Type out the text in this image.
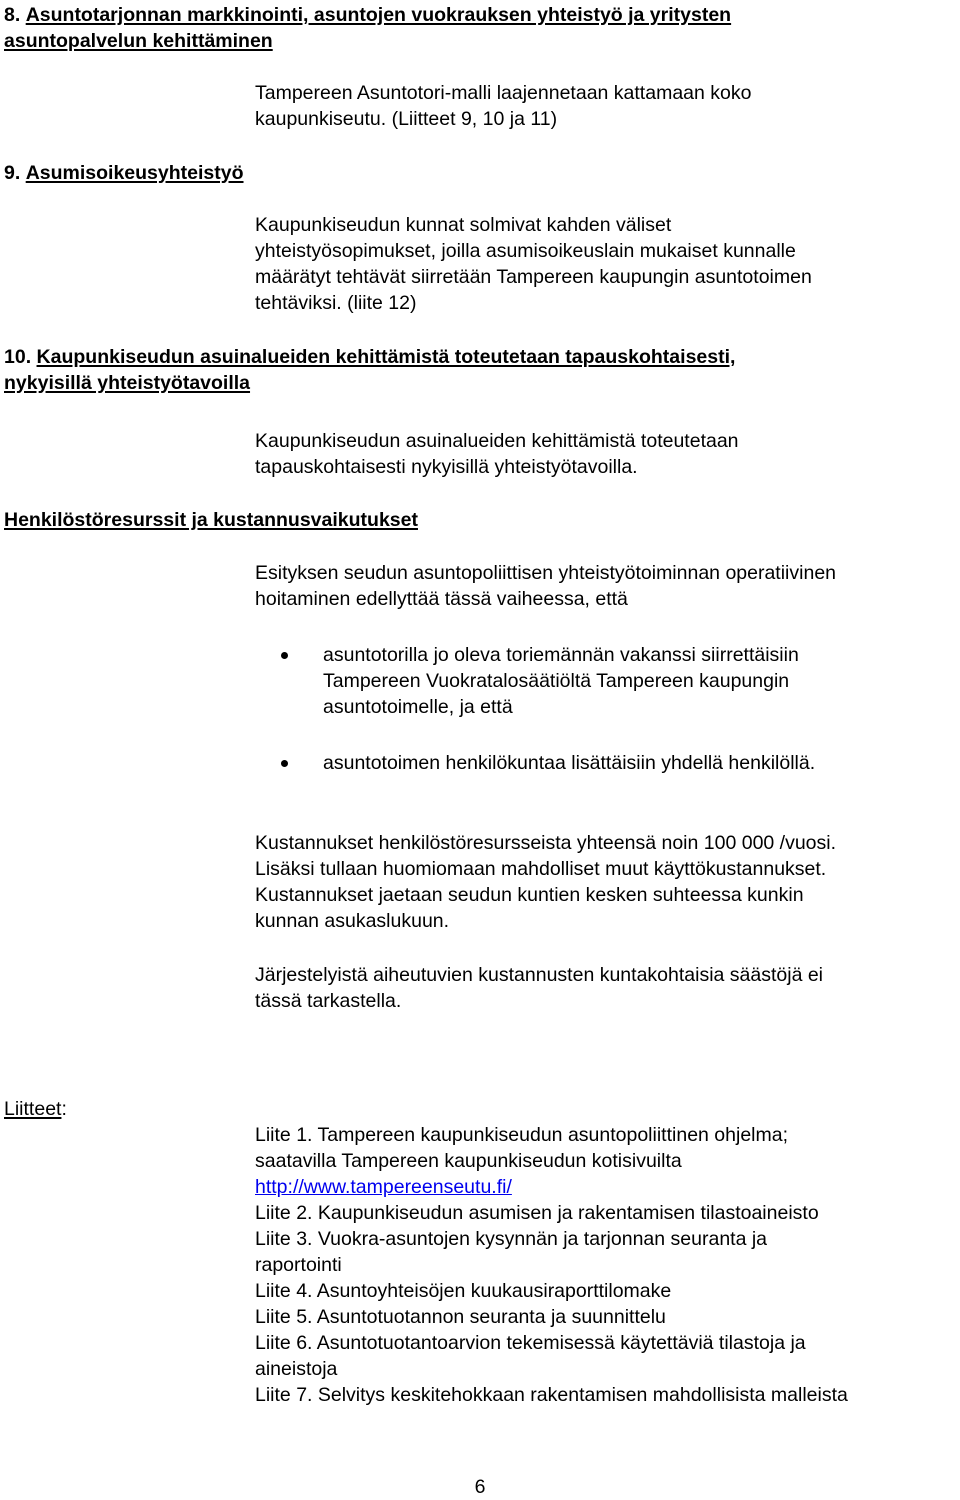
8. Asuntotarjonnan markkinointi, asuntojen vuokrauksen yhteistyö ja yritysten
asuntopalvelun kehittäminen
Tampereen Asuntotori-malli laajennetaan kattamaan koko
kaupunkiseutu. (Liitteet 9, 10 ja 11)
9. Asumisoikeusyhteistyö
Kaupunkiseudun kunnat solmivat kahden väliset
yhteistyösopimukset, joilla asumisoikeuslain mukaiset kunnalle
määrätyt tehtävät siirretään Tampereen kaupungin asuntotoimen
tehtäviksi. (liite 12)
10. Kaupunkiseudun asuinalueiden kehittämistä toteutetaan tapauskohtaisesti,
nykyisillä yhteistyötavoilla
Kaupunkiseudun asuinalueiden kehittämistä toteutetaan
tapauskohtaisesti nykyisillä yhteistyötavoilla.
Henkilöstöresurssit ja kustannusvaikutukset
Esityksen seudun asuntopoliittisen yhteistyötoiminnan operatiivinen
hoitaminen edellyttää tässä vaiheessa, että
asuntotorilla jo oleva toriemännän vakanssi siirrettäisiin
Tampereen Vuokratalosäätiöltä Tampereen kaupungin
asuntotoimelle, ja että
asuntotoimen henkilökuntaa lisättäisiin yhdellä henkilöllä.
Kustannukset henkilöstöresursseista yhteensä noin 100 000 /vuosi.
Lisäksi tullaan huomiomaan mahdolliset muut käyttökustannukset.
Kustannukset jaetaan seudun kuntien kesken suhteessa kunkin
kunnan asukaslukuun.
Järjestelyistä aiheutuvien kustannusten kuntakohtaisia säästöjä ei
tässä tarkastella.
Liitteet:
Liite 1. Tampereen kaupunkiseudun asuntopoliittinen ohjelma;
saatavilla Tampereen kaupunkiseudun kotisivuilta
http://www.tampereenseutu.fi/
Liite 2. Kaupunkiseudun asumisen ja rakentamisen tilastoaineisto
Liite 3. Vuokra-asuntojen kysynnän ja tarjonnan seuranta ja
raportointi
Liite 4. Asuntoyhteisöjen kuukausiraporttilomake
Liite 5. Asuntotuotannon seuranta ja suunnittelu
Liite 6. Asuntotuotantoarvion tekemisessä käytettäviä tilastoja ja
aineistoja
Liite 7. Selvitys keskitehokkaan rakentamisen mahdollisista malleista
6
